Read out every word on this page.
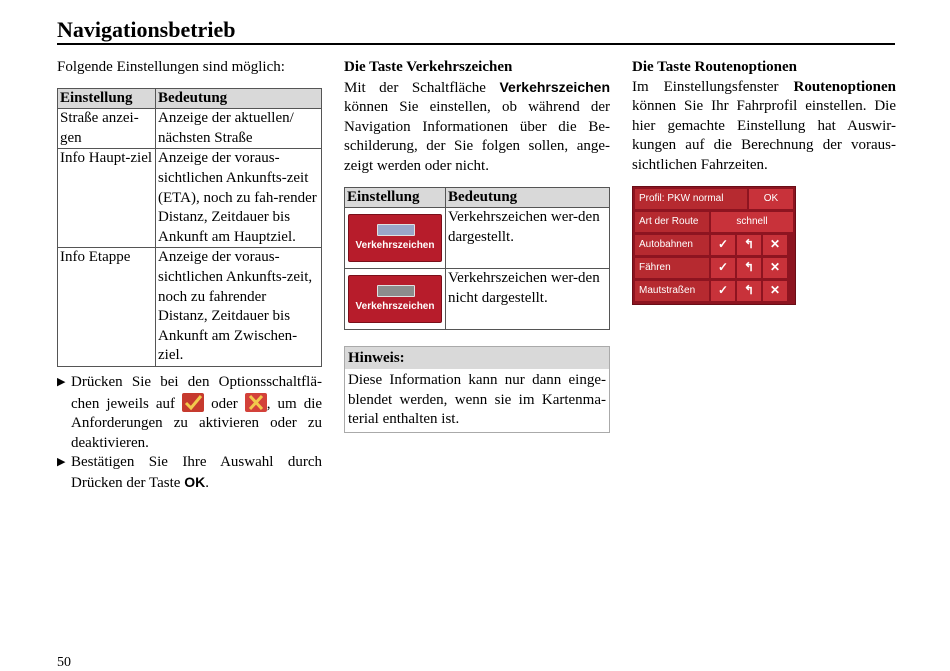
Navigationsbetrieb
Folgende Einstellungen sind möglich:
Einstellung	Bedeutung
Straße anzei-gen	Anzeige der aktuellen/ nächsten Straße
Info Haupt-ziel	Anzeige der voraus-sichtlichen Ankunfts-zeit (ETA), noch zu fah-render Distanz, Zeitdauer bis Ankunft am Hauptziel.
Info Etappe	Anzeige der voraus-sichtlichen Ankunfts-zeit, noch zu fahrender Distanz, Zeitdauer bis Ankunft am Zwischen-ziel.
▶ Drücken Sie bei den Optionsschaltflä-chen jeweils auf oder , um die Anforderungen zu aktivieren oder zu deaktivieren.
▶ Bestätigen Sie Ihre Auswahl durch Drücken der Taste OK.
Die Taste Verkehrszeichen
Mit der Schaltfläche Verkehrszeichen können Sie einstellen, ob während der Navigation Informationen über die Be-schilderung, der Sie folgen sollen, ange-zeigt werden oder nicht.
Einstellung	Bedeutung

Verkehrszeichen	Verkehrszeichen wer-den dargestellt.

Verkehrszeichen	Verkehrszeichen wer-den nicht dargestellt.
Hinweis:
Diese Information kann nur dann einge-blendet werden, wenn sie im Kartenma-terial enthalten ist.
Die Taste Routenoptionen
Im Einstellungsfenster Routenoptionen können Sie Ihr Fahrprofil einstellen. Die hier gemachte Einstellung hat Auswir-kungen auf die Berechnung der voraus-sichtlichen Fahrzeiten.
Profil: PKW normal	OK
Art der Route	schnell
Autobahnen	✓	↰	✕
Fähren	✓	↰	✕
Mautstraßen	✓	↰	✕
50
